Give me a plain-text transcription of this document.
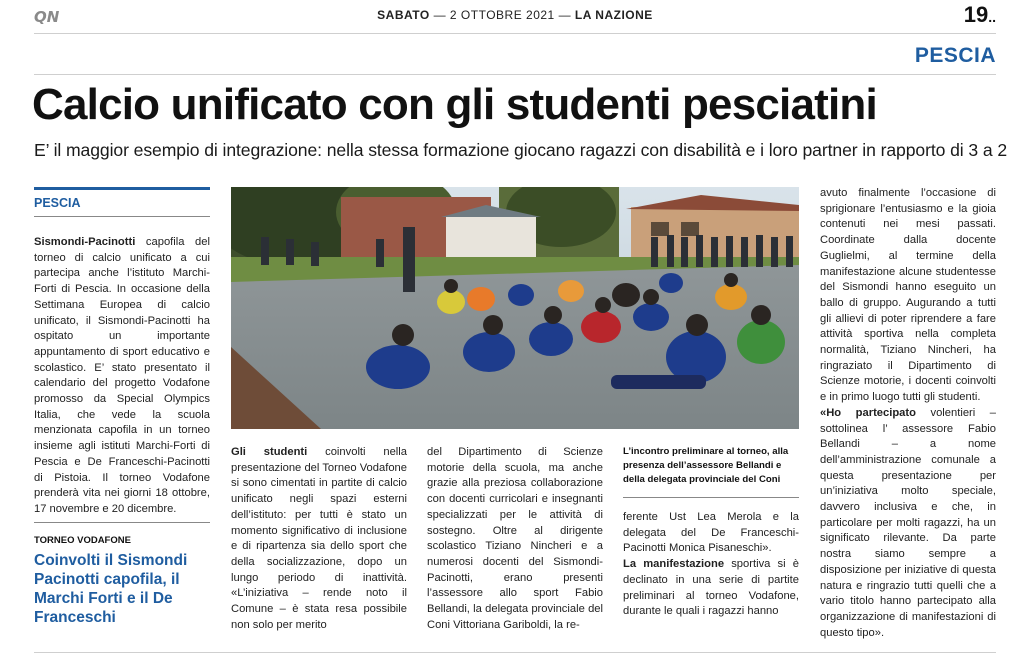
QN	SABATO — 2 OTTOBRE 2021 — LA NAZIONE	19..
PESCIA
Calcio unificato con gli studenti pesciatini

E’ il maggior esempio di integrazione: nella stessa formazione giocano ragazzi con disabilità e i loro partner in rapporto di 3 a 2

PESCIA

Sismondi-Pacinotti capofila del torneo di calcio unificato a cui partecipa anche l’istituto Marchi-Forti di Pescia. In occasione della Settimana Europea di calcio unificato, il Sismondi-Pacinotti ha ospitato un importante appuntamento di sport educativo e scolastico. E’ stato presentato il calendario del progetto Vodafone promosso da Special Olympics Italia, che vede la scuola menzionata capofila in un torneo insieme agli istituti Marchi-Forti di Pescia e De Franceschi-Pacinotti di Pistoia. Il torneo Vodafone prenderà vita nei giorni 18 ottobre, 17 novembre e 20 dicembre.

TORNEO VODAFONE
Coinvolti il Sismondi Pacinotti capofila, il Marchi Forti e il De Franceschi

Gli studenti coinvolti nella presentazione del Torneo Vodafone si sono cimentati in partite di calcio unificato negli spazi esterni dell’istituto: per tutti è stato un momento significativo di inclusione e di ripartenza sia dello sport che della socializzazione, dopo un lungo periodo di inattività. «L’iniziativa – rende noto il Comune – è stata resa possibile non solo per merito

del Dipartimento di Scienze motorie della scuola, ma anche grazie alla preziosa collaborazione con docenti curricolari e insegnanti specializzati per le attività di sostegno. Oltre al dirigente scolastico Tiziano Nincheri e a numerosi docenti del Sismondi-Pacinotti, erano presenti l’assessore allo sport Fabio Bellandi, la delegata provinciale del Coni Vittoriana Gariboldi, la re-

L’incontro preliminare al torneo, alla presenza dell’assessore Bellandi e della delegata provinciale del Coni

ferente Ust Lea Merola e la delegata del De Franceschi-Pacinotti Monica Pisaneschi».

La manifestazione sportiva si è declinato in una serie di partite preliminari al torneo Vodafone, durante le quali i ragazzi hanno

avuto finalmente l’occasione di sprigionare l’entusiasmo e la gioia contenuti nei mesi passati. Coordinate dalla docente Guglielmi, al termine della manifestazione alcune studentesse del Sismondi hanno eseguito un ballo di gruppo. Augurando a tutti gli allievi di poter riprendere a fare attività sportiva nella completa normalità, Tiziano Nincheri, ha ringraziato il Dipartimento di Scienze motorie, i docenti coinvolti e in primo luogo tutti gli studenti.

«Ho partecipato volentieri – sottolinea l’ assessore Fabio Bellandi – a nome dell’amministrazione comunale a questa presentazione per un’iniziativa molto speciale, davvero inclusiva e che, in particolare per molti ragazzi, ha un significato rilevante. Da parte nostra siamo sempre a disposizione per iniziative di questa natura e ringrazio tutti quelli che a vario titolo hanno partecipato alla organizzazione di manifestazioni di questo tipo».
